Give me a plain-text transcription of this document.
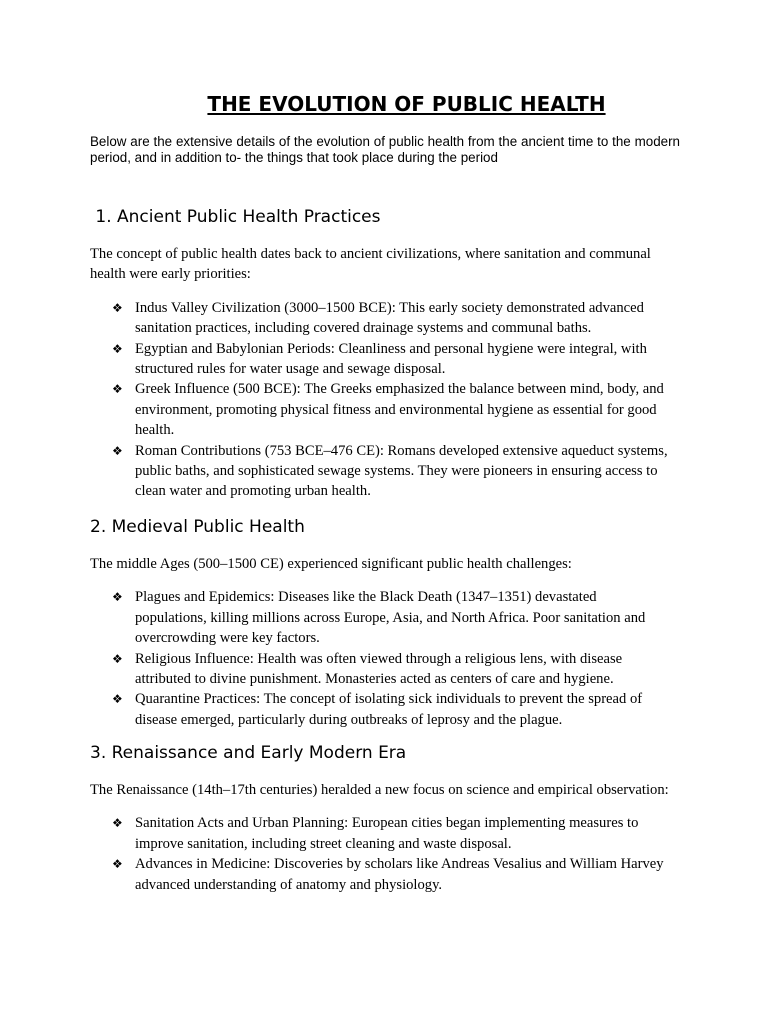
THE EVOLUTION OF PUBLIC HEALTH

Below are the extensive details of the evolution of public health from the ancient time to the modern period, and in addition to- the things that took place during the period

1. Ancient Public Health Practices

The concept of public health dates back to ancient civilizations, where sanitation and communal health were early priorities:

❖ Indus Valley Civilization (3000–1500 BCE): This early society demonstrated advanced sanitation practices, including covered drainage systems and communal baths.
❖ Egyptian and Babylonian Periods: Cleanliness and personal hygiene were integral, with structured rules for water usage and sewage disposal.
❖ Greek Influence (500 BCE): The Greeks emphasized the balance between mind, body, and environment, promoting physical fitness and environmental hygiene as essential for good health.
❖ Roman Contributions (753 BCE–476 CE): Romans developed extensive aqueduct systems, public baths, and sophisticated sewage systems. They were pioneers in ensuring access to clean water and promoting urban health.
2. Medieval Public Health

The middle Ages (500–1500 CE) experienced significant public health challenges:

❖ Plagues and Epidemics: Diseases like the Black Death (1347–1351) devastated populations, killing millions across Europe, Asia, and North Africa. Poor sanitation and overcrowding were key factors.
❖ Religious Influence: Health was often viewed through a religious lens, with disease attributed to divine punishment. Monasteries acted as centers of care and hygiene.
❖ Quarantine Practices: The concept of isolating sick individuals to prevent the spread of disease emerged, particularly during outbreaks of leprosy and the plague.
3. Renaissance and Early Modern Era

The Renaissance (14th–17th centuries) heralded a new focus on science and empirical observation:

❖ Sanitation Acts and Urban Planning: European cities began implementing measures to improve sanitation, including street cleaning and waste disposal.
❖ Advances in Medicine: Discoveries by scholars like Andreas Vesalius and William Harvey advanced understanding of anatomy and physiology.
